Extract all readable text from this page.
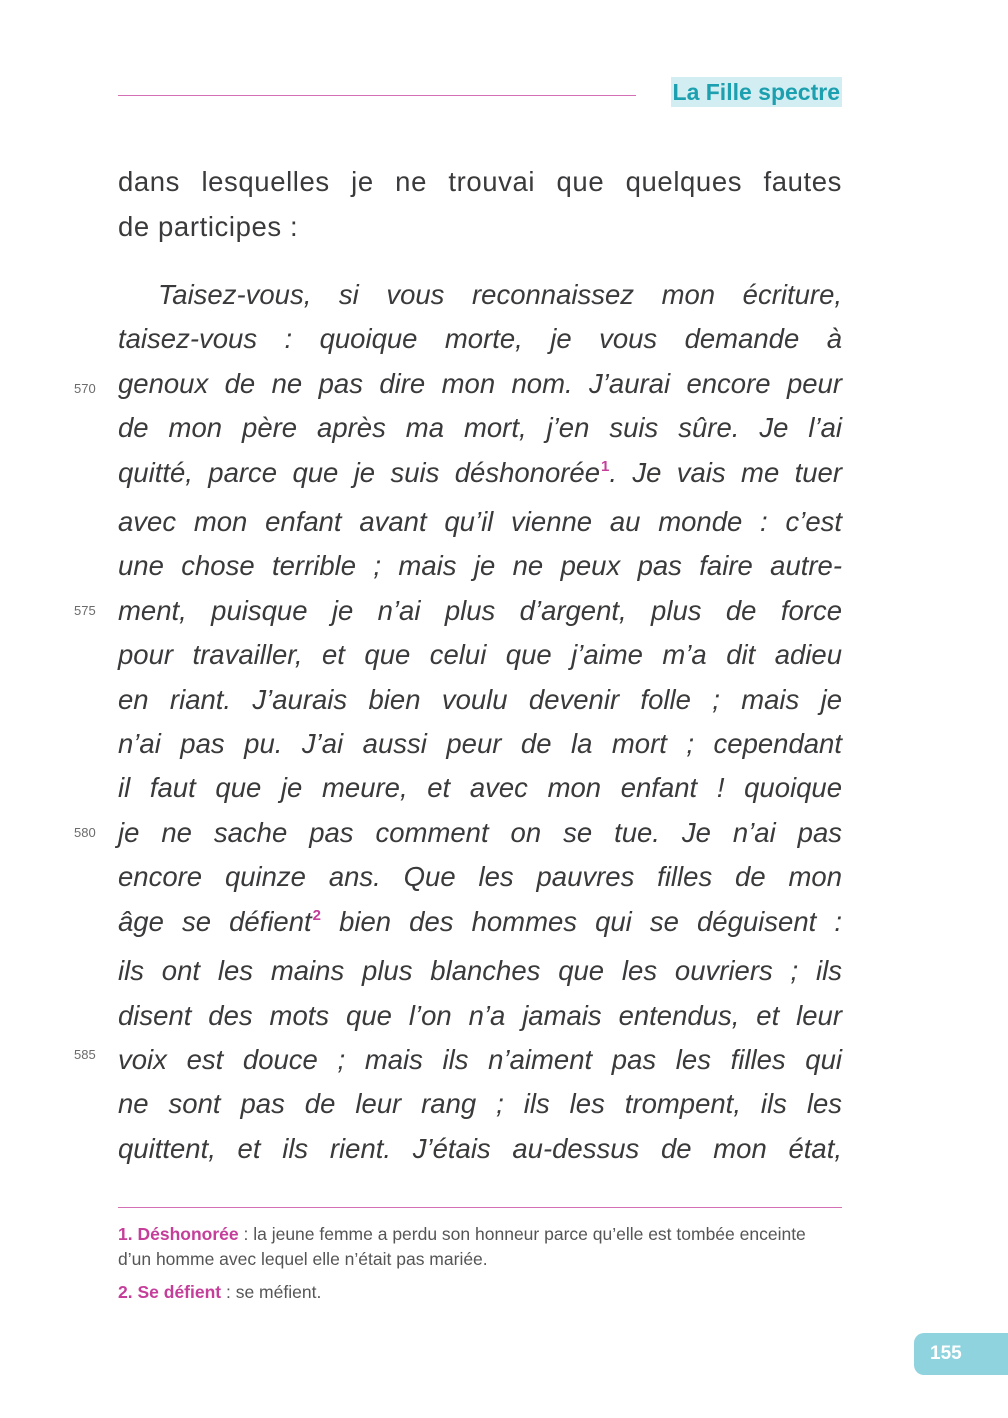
La Fille spectre
dans lesquelles je ne trouvai que quelques fautes
de participes :
Taisez-vous, si vous reconnaissez mon écriture,
taisez-vous : quoique morte, je vous demande à
genoux de ne pas dire mon nom. J’aurai encore peur
de mon père après ma mort, j’en suis sûre. Je l’ai
quitté, parce que je suis déshonorée$^1$. Je vais me tuer
avec mon enfant avant qu’il vienne au monde : c’est
une chose terrible ; mais je ne peux pas faire autre-
ment, puisque je n’ai plus d’argent, plus de force
pour travailler, et que celui que j’aime m’a dit adieu
en riant. J’aurais bien voulu devenir folle ; mais je
n’ai pas pu. J’ai aussi peur de la mort ; cependant
il faut que je meure, et avec mon enfant ! quoique
je ne sache pas comment on se tue. Je n’ai pas
encore quinze ans. Que les pauvres filles de mon
âge se défient$^2$ bien des hommes qui se déguisent :
ils ont les mains plus blanches que les ouvriers ; ils
disent des mots que l’on n’a jamais entendus, et leur
voix est douce ; mais ils n’aiment pas les filles qui
ne sont pas de leur rang ; ils les trompent, ils les
quittent, et ils rient. J’étais au-dessus de mon état,
570
575
580
585

1. Déshonorée : la jeune femme a perdu son honneur parce qu’elle est tombée enceinte d’un homme avec lequel elle n’était pas mariée.

2. Se défient : se méfient.

155
